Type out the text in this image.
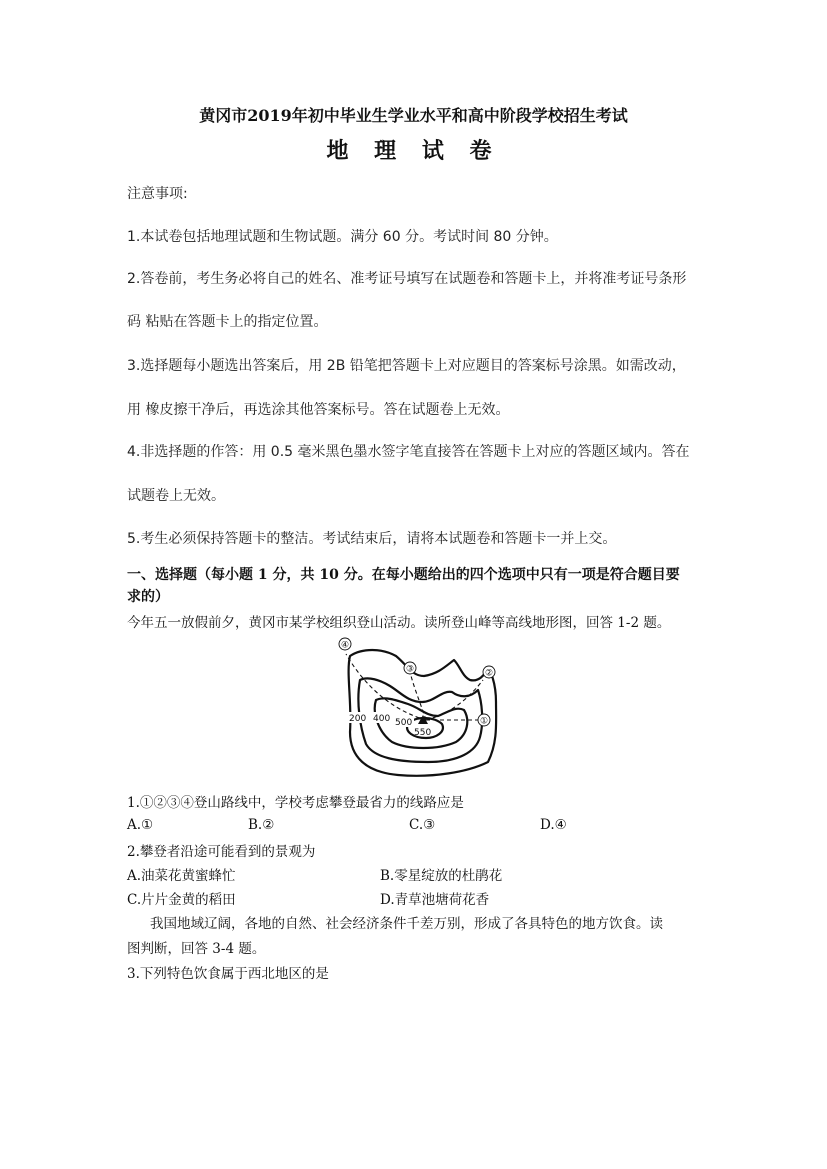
黄冈市2019年初中毕业生学业水平和高中阶段学校招生考试
地 理 试 卷
注意事项:
1.本试卷包括地理试题和生物试题。满分 60 分。考试时间 80 分钟。
2.答卷前，考生务必将自己的姓名、准考证号填写在试题卷和答题卡上，并将准考证号条形
码 粘贴在答题卡上的指定位置。
3.选择题每小题选出答案后，用 2B 铅笔把答题卡上对应题目的答案标号涂黑。如需改动，
用 橡皮擦干净后，再选涂其他答案标号。答在试题卷上无效。
4.非选择题的作答：用 0.5 毫米黑色墨水签字笔直接答在答题卡上对应的答题区域内。答在
试题卷上无效。
5.考生必须保持答题卡的整洁。考试结束后，请将本试题卷和答题卡一并上交。
一、选择题（每小题 1 分，共 10 分。在每小题给出的四个选项中只有一项是符合题目要
求的）
今年五一放假前夕，黄冈市某学校组织登山活动。读所登山峰等高线地形图，回答 1-2 题。
①
②
③
④
200 400 500
550
1.①②③④登山路线中，学校考虑攀登最省力的线路应是
A.①	B.②	C.③	D.④
2.攀登者沿途可能看到的景观为
A.油菜花黄蜜蜂忙	B.零星绽放的杜鹃花
C.片片金黄的稻田	D.青草池塘荷花香
我国地域辽阔，各地的自然、社会经济条件千差万别，形成了各具特色的地方饮食。读
图判断，回答 3-4 题。
3.下列特色饮食属于西北地区的是
